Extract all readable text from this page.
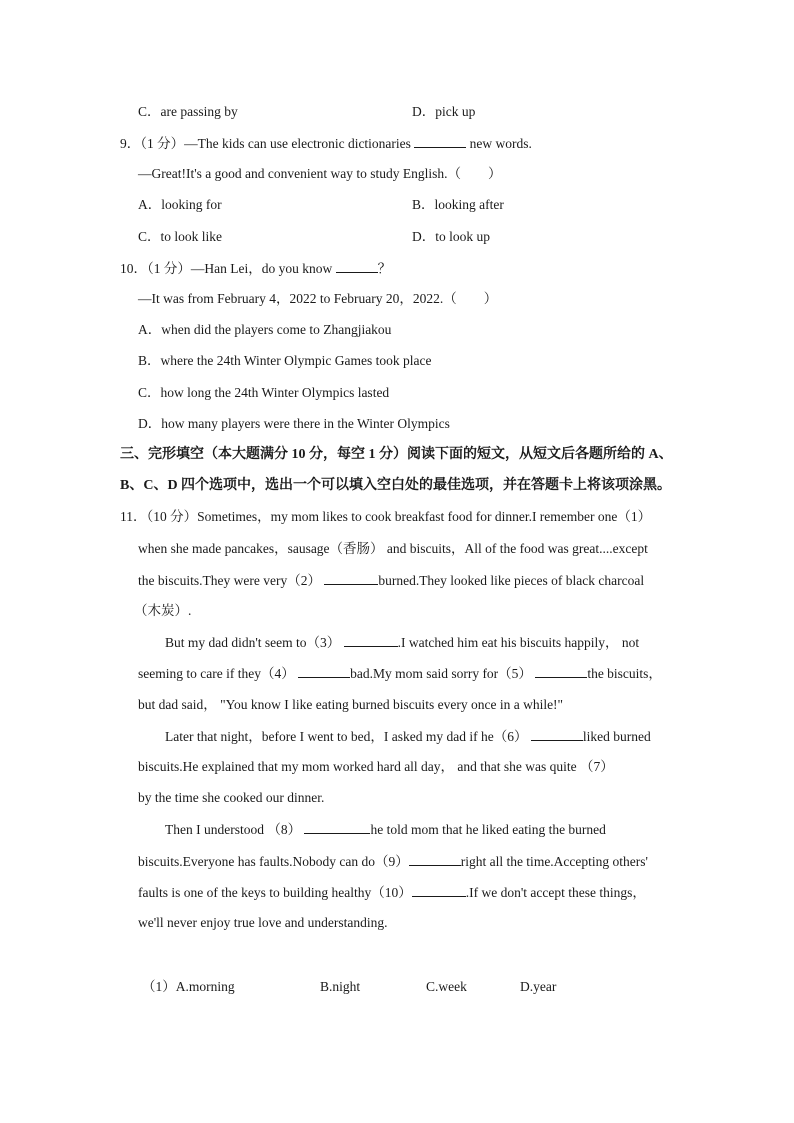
C．are passing by	D．pick up
9．（1 分）—The kids can use electronic dictionaries	new words.
—Great!It's a good and convenient way to study English.（　　）
A．looking for	B．looking after
C．to look like	D．to look up
10．（1 分）—Han Lei，do you know	？
—It was from February 4，2022 to February 20，2022.（　　）
A．when did the players come to Zhangjiakou
B．where the 24th Winter Olympic Games took place
C．how long the 24th Winter Olympics lasted
D．how many players were there in the Winter Olympics
三、完形填空（本大题满分 10 分，每空 1 分）阅读下面的短文，从短文后各题所给的 A、
B、C、D 四个选项中，选出一个可以填入空白处的最佳选项，并在答题卡上将该项涂黑。
11．（10 分）Sometimes，my mom likes to cook breakfast food for dinner.I remember one（1）
when she made pancakes，sausage（香肠） and biscuits，All of the food was great....except
the biscuits.They were very（2）	burned.They looked like pieces of black charcoal
（木炭）.
But my dad didn't seem to（3）	.I watched him eat his biscuits happily， not
seeming to care if they（4）	bad.My mom said sorry for（5）	the biscuits，
but dad said， "You know I like eating burned biscuits every once in a while!"
Later that night，before I went to bed，I asked my dad if he（6）	liked burned
biscuits.He explained that my mom worked hard all day， and that she was quite （7）
by the time she cooked our dinner.
Then I understood （8）	he told mom that he liked eating the burned
biscuits.Everyone has faults.Nobody can do（9）	right all the time.Accepting others'
faults is one of the keys to building healthy（10）	.If we don't accept these things，
we'll never enjoy true love and understanding.
（1）A.morning	B.night	C.week	D.year
